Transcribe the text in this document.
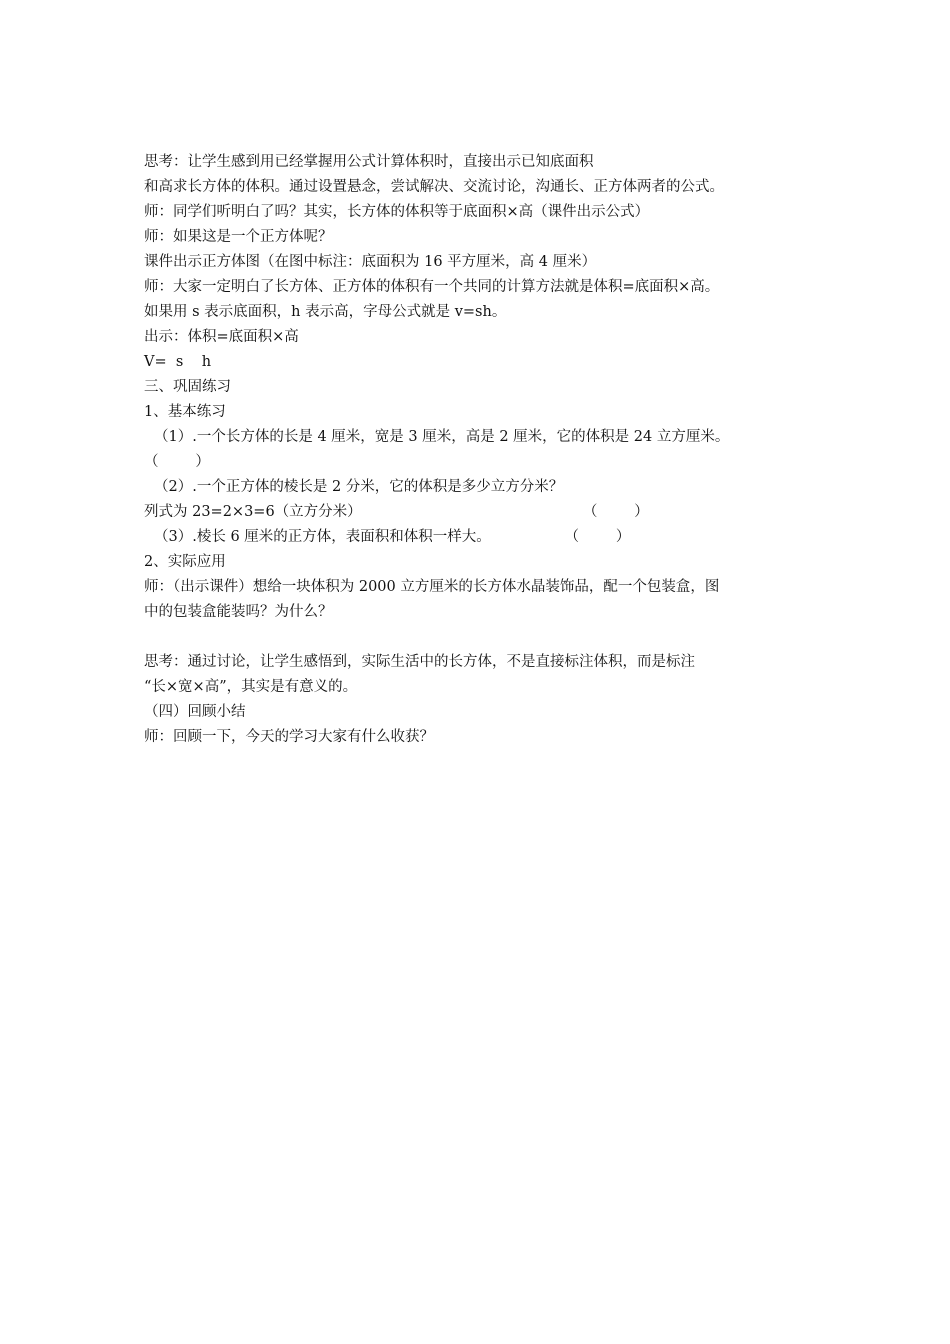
思考：让学生感到用已经掌握用公式计算体积时，直接出示已知底面积
和高求长方体的体积。通过设置悬念，尝试解决、交流讨论，沟通长、正方体两者的公式。
师：同学们听明白了吗？其实，长方体的体积等于底面积×高（课件出示公式）
师：如果这是一个正方体呢？
课件出示正方体图（在图中标注：底面积为 16 平方厘米，高 4 厘米）
师：大家一定明白了长方体、正方体的体积有一个共同的计算方法就是体积=底面积×高。
如果用 s 表示底面积，h 表示高，字母公式就是 v=sh。
出示：体积=底面积×高
V=  s    h
三、巩固练习
1、基本练习
（1）.一个长方体的长是 4 厘米，宽是 3 厘米，高是 2 厘米，它的体积是 24 立方厘米。
（        ）
（2）.一个正方体的棱长是 2 分米，它的体积是多少立方分米？
列式为 23=2×3=6（立方分米）                                                （        ）
（3）.棱长 6 厘米的正方体，表面积和体积一样大。                （        ）
2、实际应用
师：（出示课件）想给一块体积为 2000 立方厘米的长方体水晶装饰品，配一个包装盒，图
中的包装盒能装吗？为什么？
思考：通过讨论，让学生感悟到，实际生活中的长方体，不是直接标注体积，而是标注
“长×宽×高”，其实是有意义的。
（四）回顾小结
师：回顾一下，今天的学习大家有什么收获？
